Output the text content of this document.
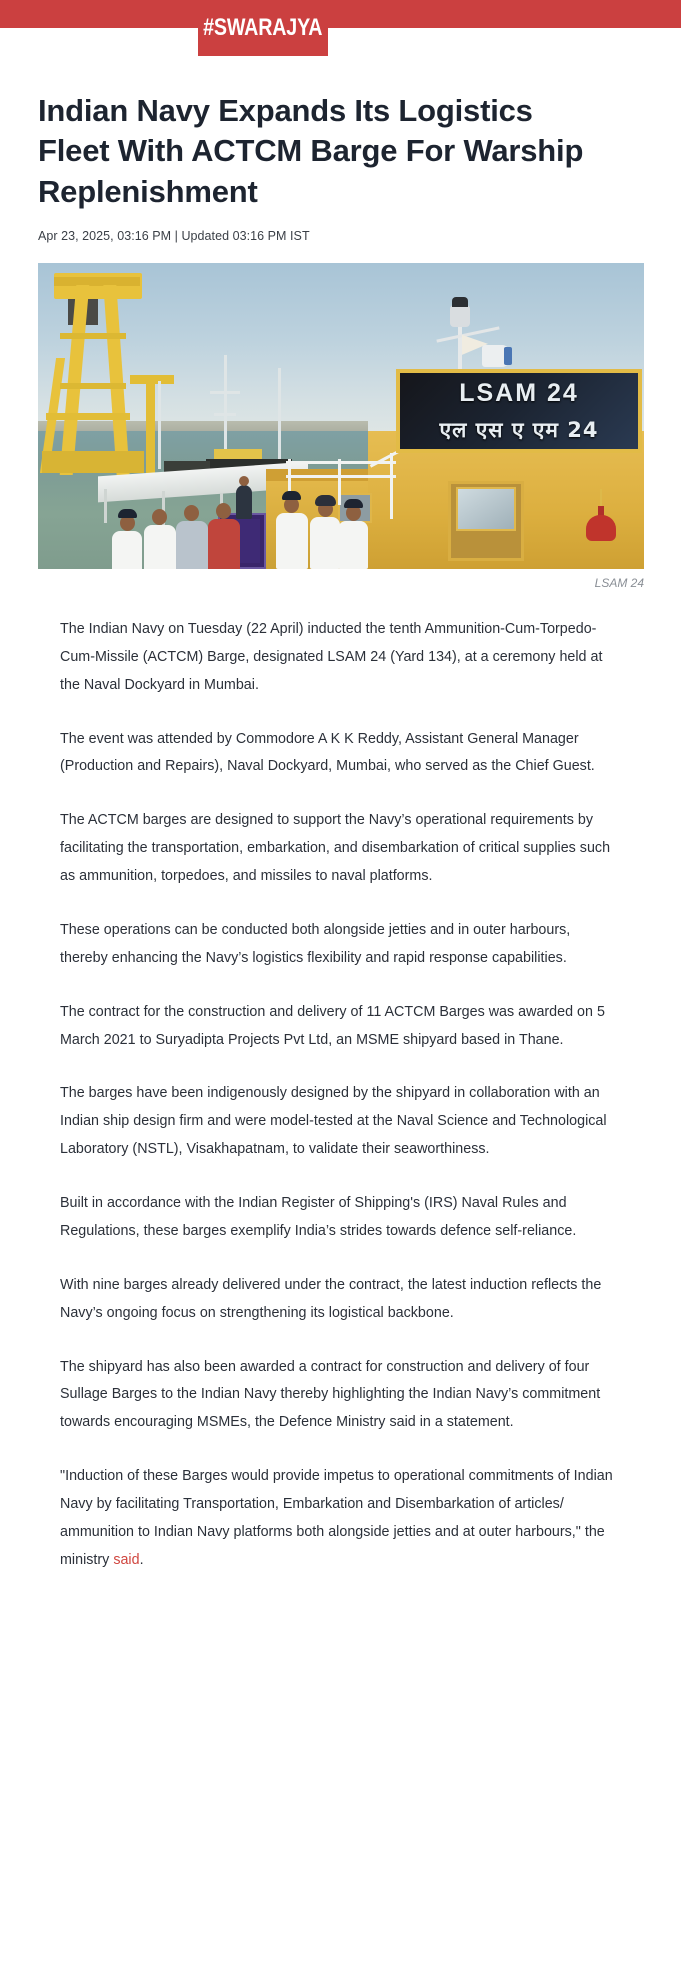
#SWARAJYA
Indian Navy Expands Its Logistics Fleet With ACTCM Barge For Warship Replenishment
Apr 23, 2025, 03:16 PM | Updated 03:16 PM IST
LSAM 24
एल एस ए एम 24
LSAM 24

The Indian Navy on Tuesday (22 April) inducted the tenth Ammunition-Cum-Torpedo-Cum-Missile (ACTCM) Barge, designated LSAM 24 (Yard 134), at a ceremony held at the Naval Dockyard in Mumbai.

The event was attended by Commodore A K K Reddy, Assistant General Manager (Production and Repairs), Naval Dockyard, Mumbai, who served as the Chief Guest.

The ACTCM barges are designed to support the Navy’s operational requirements by facilitating the transportation, embarkation, and disembarkation of critical supplies such as ammunition, torpedoes, and missiles to naval platforms.

These operations can be conducted both alongside jetties and in outer harbours, thereby enhancing the Navy’s logistics flexibility and rapid response capabilities.

The contract for the construction and delivery of 11 ACTCM Barges was awarded on 5 March 2021 to Suryadipta Projects Pvt Ltd, an MSME shipyard based in Thane.

The barges have been indigenously designed by the shipyard in collaboration with an Indian ship design firm and were model-tested at the Naval Science and Technological Laboratory (NSTL), Visakhapatnam, to validate their seaworthiness.

Built in accordance with the Indian Register of Shipping's (IRS) Naval Rules and Regulations, these barges exemplify India’s strides towards defence self-reliance.

With nine barges already delivered under the contract, the latest induction reflects the Navy’s ongoing focus on strengthening its logistical backbone.

The shipyard has also been awarded a contract for construction and delivery of four Sullage Barges to the Indian Navy thereby highlighting the Indian Navy’s commitment towards encouraging MSMEs, the Defence Ministry said in a statement.

"Induction of these Barges would provide impetus to operational commitments of Indian Navy by facilitating Transportation, Embarkation and Disembarkation of articles/ ammunition to Indian Navy platforms both alongside jetties and at outer harbours," the ministry said.
